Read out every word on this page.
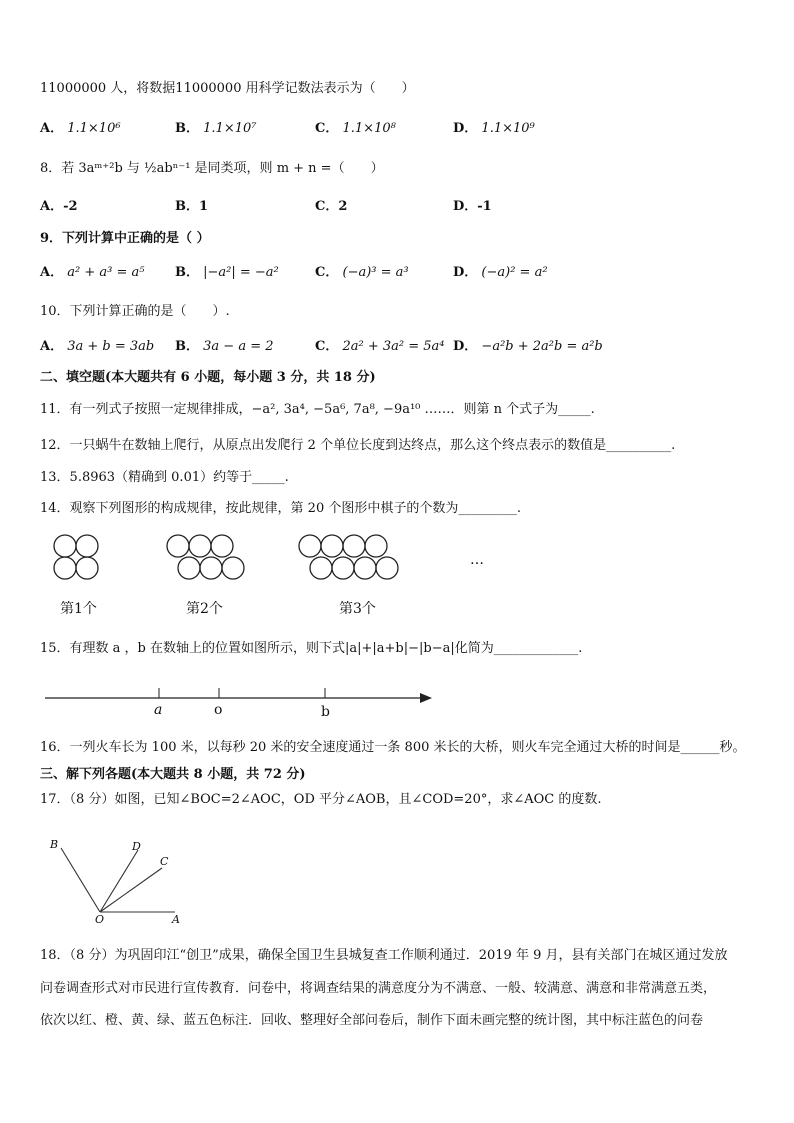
11000000 人，将数据11000000 用科学记数法表示为（　　）
A． 1.1×10⁶	B． 1.1×10⁷	C． 1.1×10⁸	D． 1.1×10⁹
8．若 3aᵐ⁺²b 与 ½abⁿ⁻¹ 是同类项，则 m + n =（　　）
A．-2	B．1	C．2	D．-1
9．下列计算中正确的是（ ）
A． a² + a³ = a⁵ B． |−a²| = −a²	C． (−a)³ = a³	D． (−a)² = a²
10．下列计算正确的是（　　）.
A． 3a + b = 3ab B． 3a − a = 2	C． 2a² + 3a² = 5a⁴ D． −a²b + 2a²b = a²b
二、填空题(本大题共有 6 小题，每小题 3 分，共 18 分)
11．有一列式子按照一定规律排成，−a², 3a⁴, −5a⁶, 7a⁸, −9a¹⁰ ……．则第 n 个式子为_____.
12．一只蜗牛在数轴上爬行，从原点出发爬行 2 个单位长度到达终点，那么这个终点表示的数值是__________.
13．5.8963（精确到 0.01）约等于_____.
14．观察下列图形的构成规律，按此规律，第 20 个图形中棋子的个数为_________.
第1个	第2个	第3个
…
15．有理数 a ，b 在数轴上的位置如图所示，则下式|a|+|a+b|−|b−a|化简为_____________.
a	o	b
16．一列火车长为 100 米，以每秒 20 米的安全速度通过一条 800 米长的大桥，则火车完全通过大桥的时间是______秒。
三、解下列各题(本大题共 8 小题，共 72 分)
17．（8 分）如图，已知∠BOC=2∠AOC，OD 平分∠AOB，且∠COD=20°，求∠AOC 的度数.
B	D
C
O	A
18．（8 分）为巩固印江“创卫”成果，确保全国卫生县城复查工作顺利通过．2019 年 9 月，县有关部门在城区通过发放
问卷调查形式对市民进行宣传教育．问卷中，将调查结果的满意度分为不满意、一般、较满意、满意和非常满意五类，
依次以红、橙、黄、绿、蓝五色标注．回收、整理好全部问卷后，制作下面未画完整的统计图，其中标注蓝色的问卷
